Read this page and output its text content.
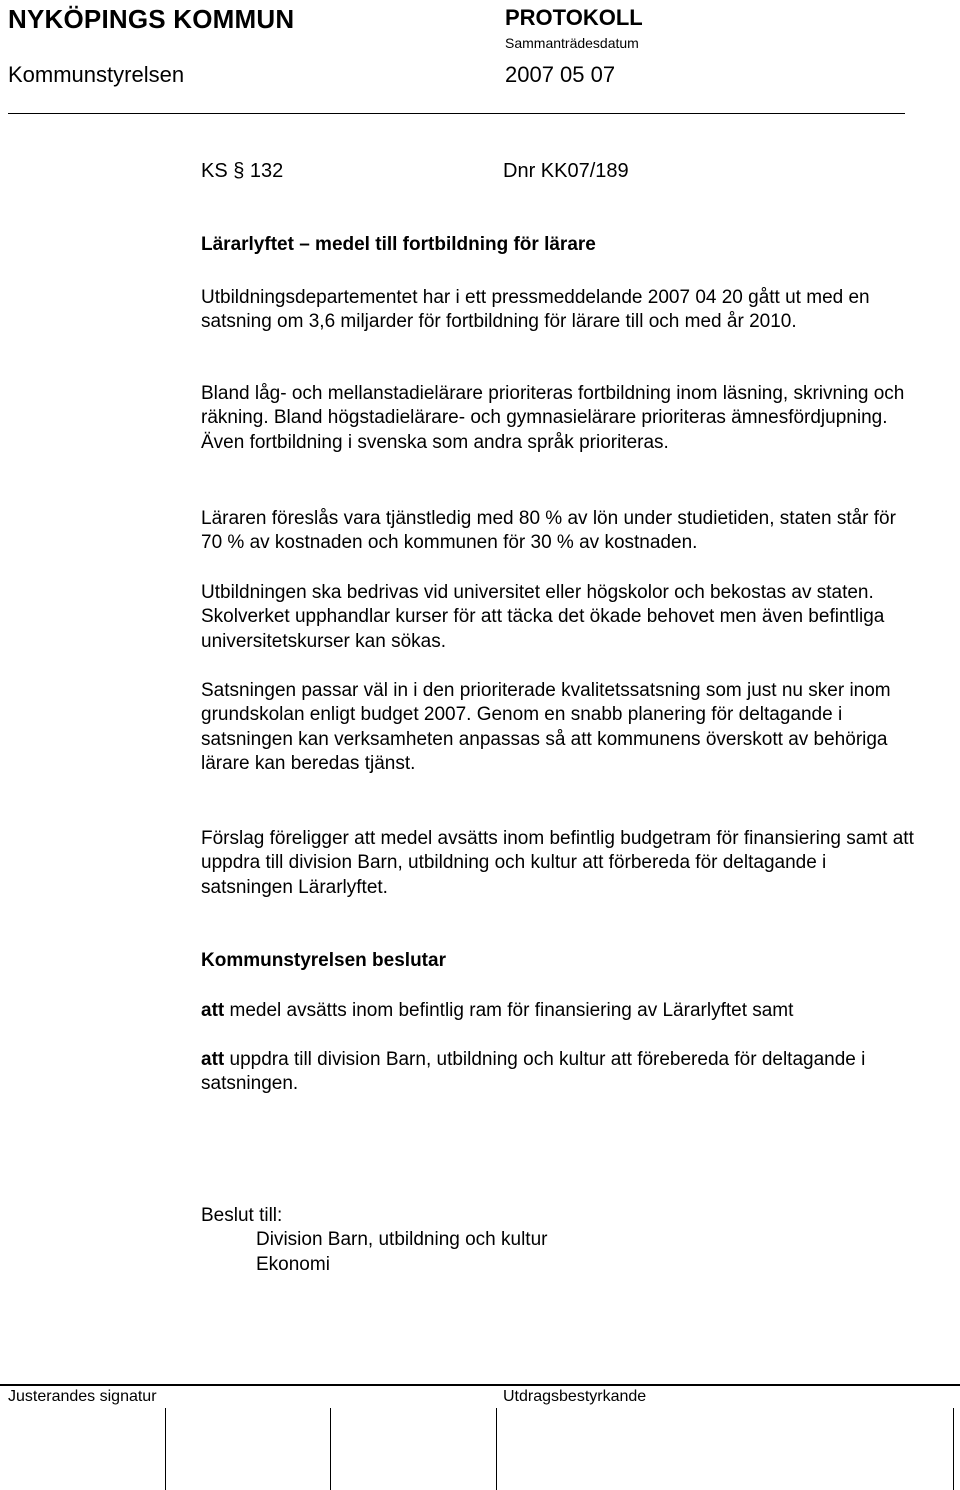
NYKÖPINGS KOMMUN	PROTOKOLL
Sammanträdesdatum
Kommunstyrelsen	2007 05 07
KS § 132	Dnr KK07/189
Lärarlyftet – medel till fortbildning för lärare
Utbildningsdepartementet har i ett pressmeddelande 2007 04 20 gått ut med en satsning om 3,6 miljarder för fortbildning för lärare till och med år 2010.
Bland låg- och mellanstadielärare prioriteras fortbildning inom läsning, skrivning och räkning. Bland högstadielärare- och gymnasielärare prioriteras ämnesfördjupning. Även fortbildning i svenska som andra språk prioriteras.
Läraren föreslås vara tjänstledig med 80 % av lön under studietiden, staten står för 70 % av kostnaden och kommunen för 30 % av kostnaden.
Utbildningen ska bedrivas vid universitet eller högskolor och bekostas av staten. Skolverket upphandlar kurser för att täcka det ökade behovet men även befintliga universitetskurser kan sökas.
Satsningen passar väl in i den prioriterade kvalitetssatsning som just nu sker inom grundskolan enligt budget 2007. Genom en snabb planering för deltagande i satsningen kan verksamheten anpassas så att kommunens överskott av behöriga lärare kan beredas tjänst.
Förslag föreligger att medel avsätts inom befintlig budgetram för finansiering samt att uppdra till division Barn, utbildning och kultur att förbereda för deltagande i satsningen Lärarlyftet.
Kommunstyrelsen beslutar
att medel avsätts inom befintlig ram för finansiering av Lärarlyftet samt
att uppdra till division Barn, utbildning och kultur att förebereda för deltagande i satsningen.
Beslut till:
Division Barn, utbildning och kultur
Ekonomi
Justerandes signatur	Utdragsbestyrkande
